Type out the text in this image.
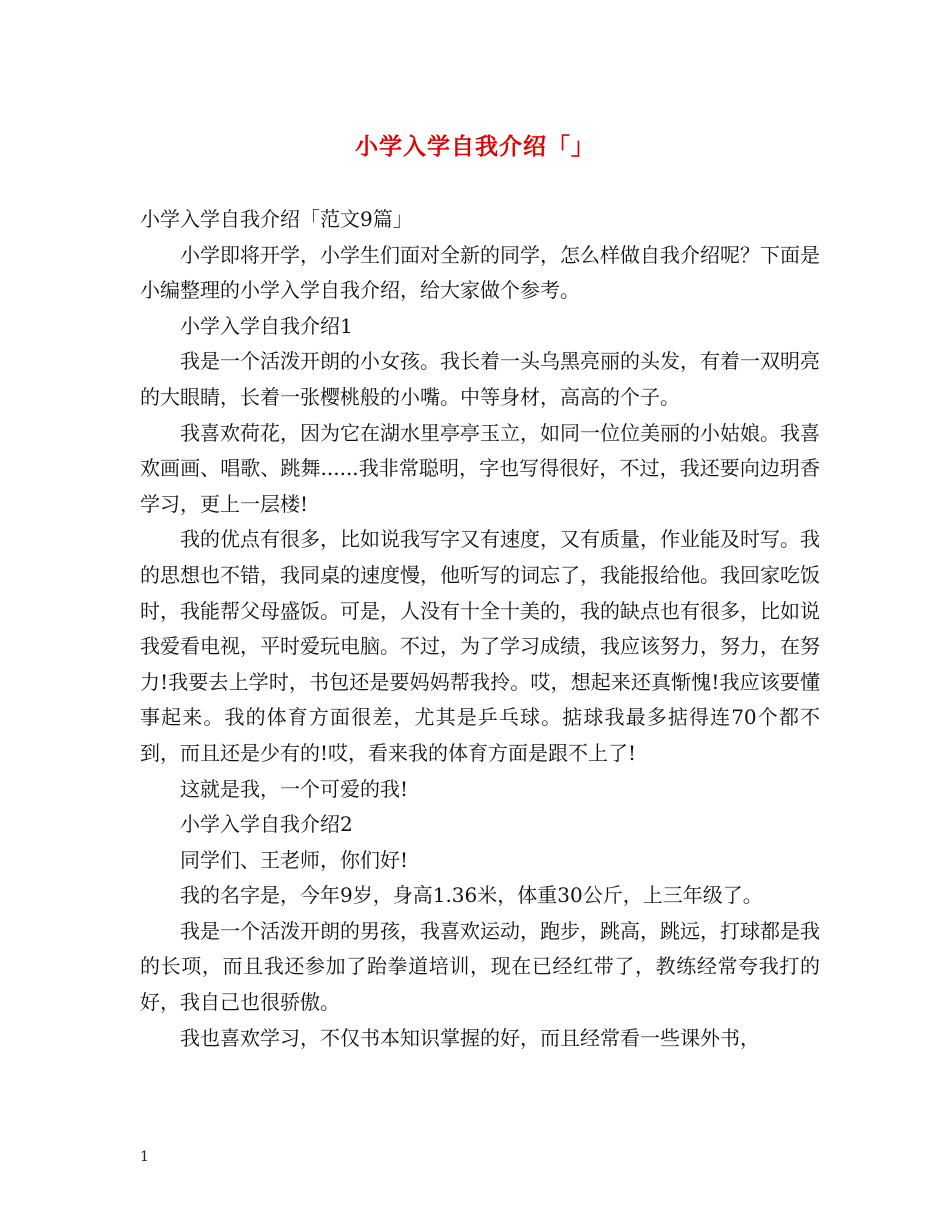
小学入学自我介绍「」

小学入学自我介绍「范文9篇」

小学即将开学，小学生们面对全新的同学，怎么样做自我介绍呢？下面是小编整理的小学入学自我介绍，给大家做个参考。

小学入学自我介绍1

我是一个活泼开朗的小女孩。我长着一头乌黑亮丽的头发，有着一双明亮的大眼睛，长着一张樱桃般的小嘴。中等身材，高高的个子。

我喜欢荷花，因为它在湖水里亭亭玉立，如同一位位美丽的小姑娘。我喜欢画画、唱歌、跳舞......我非常聪明，字也写得很好，不过，我还要向边玥香学习，更上一层楼!

我的优点有很多，比如说我写字又有速度，又有质量，作业能及时写。我的思想也不错，我同桌的速度慢，他听写的词忘了，我能报给他。我回家吃饭时，我能帮父母盛饭。可是，人没有十全十美的，我的缺点也有很多，比如说我爱看电视，平时爱玩电脑。不过，为了学习成绩，我应该努力，努力，在努力!我要去上学时，书包还是要妈妈帮我拎。哎，想起来还真惭愧!我应该要懂事起来。我的体育方面很差，尤其是乒乓球。掂球我最多掂得连70个都不到，而且还是少有的!哎，看来我的体育方面是跟不上了!

这就是我，一个可爱的我!

小学入学自我介绍2

同学们、王老师，你们好!

我的名字是，今年9岁，身高1.36米，体重30公斤，上三年级了。

我是一个活泼开朗的男孩，我喜欢运动，跑步，跳高，跳远，打球都是我的长项，而且我还参加了跆拳道培训，现在已经红带了，教练经常夸我打的好，我自己也很骄傲。

我也喜欢学习，不仅书本知识掌握的好，而且经常看一些课外书，

1
